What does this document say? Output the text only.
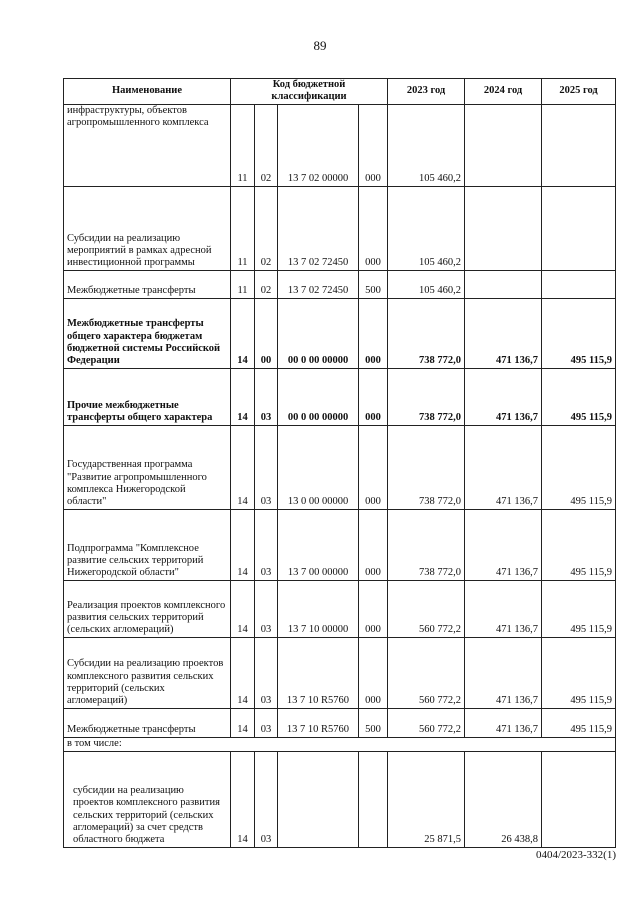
89
Наименование	Код бюджетной классификации				2023 год	2024 год	2025 год
инфраструктуры, объектов агропромышленного комплекса	11	02	13 7 02 00000	000	105 460,2		
Субсидии на реализацию мероприятий в рамках адресной инвестиционной программы	11	02	13 7 02 72450	000	105 460,2		
Межбюджетные трансферты	11	02	13 7 02 72450	500	105 460,2		
Межбюджетные трансферты общего характера бюджетам бюджетной системы Российской Федерации	14	00	00 0 00 00000	000	738 772,0	471 136,7	495 115,9
Прочие межбюджетные трансферты общего характера	14	03	00 0 00 00000	000	738 772,0	471 136,7	495 115,9
Государственная программа "Развитие агропромышленного комплекса Нижегородской области"	14	03	13 0 00 00000	000	738 772,0	471 136,7	495 115,9
Подпрограмма "Комплексное развитие сельских территорий Нижегородской области"	14	03	13 7 00 00000	000	738 772,0	471 136,7	495 115,9
Реализация проектов комплексного развития сельских территорий (сельских агломераций)	14	03	13 7 10 00000	000	560 772,2	471 136,7	495 115,9
Субсидии на реализацию проектов комплексного развития сельских территорий (сельских агломераций)	14	03	13 7 10 R5760	000	560 772,2	471 136,7	495 115,9
Межбюджетные трансферты	14	03	13 7 10 R5760	500	560 772,2	471 136,7	495 115,9
в том числе:							
субсидии на реализацию проектов комплексного развития сельских территорий (сельских агломераций) за счет средств областного бюджета	14	03			25 871,5	26 438,8	
0404/2023-332(1)
